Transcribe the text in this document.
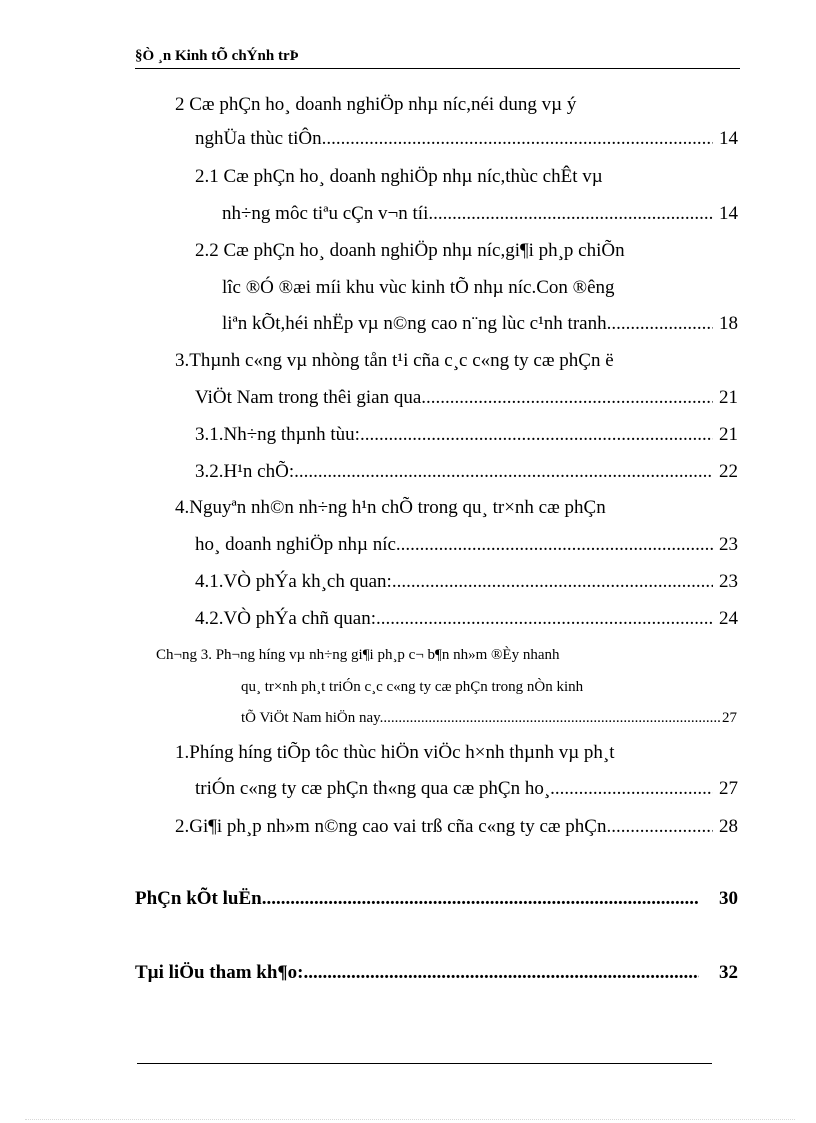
§Ò ¸n Kinh tÕ chÝnh trÞ
2 Cæ phÇn ho¸ doanh nghiÖp nhµ níc,néi dung vµ ý
nghÜa thùc tiÔn. .....	14
2.1 Cæ phÇn ho¸ doanh nghiÖp nhµ níc,thùc chÊt vµ
nh÷ng môc tiªu cÇn v¬n tíi. .....	14
2.2 Cæ phÇn ho¸ doanh nghiÖp nhµ níc,gi¶i ph¸p chiÕn
lîc ®Ó ®æi míi khu vùc kinh tÕ nhµ níc.Con ®êng
liªn kÕt,héi nhËp vµ n©ng cao n¨ng lùc c¹nh tranh. .....	18
3.Thµnh c«ng vµ nhòng tån t¹i cña c¸c c«ng ty cæ phÇn ë
ViÖt Nam trong thêi gian qua. .....	21
3.1.Nh÷ng thµnh tùu: .....	21
3.2.H¹n chÕ: .....	22
4.Nguyªn nh©n nh÷ng h¹n chÕ trong qu¸ tr×nh cæ phÇn
ho¸ doanh nghiÖp nhµ níc. .....	23
4.1.VÒ phÝa kh¸ch quan: .....	23
4.2.VÒ phÝa chñ quan: .....	24
Ch¬ng 3. Ph¬ng híng vµ nh÷ng gi¶i ph¸p c¬ b¶n nh»m ®Èy nhanh
qu¸ tr×nh ph¸t triÓn c¸c c«ng ty cæ phÇn trong nÒn kinh
tÕ ViÖt Nam hiÖn nay. .....	27
1.Phíng híng tiÕp tôc thùc hiÖn viÖc h×nh thµnh vµ ph¸t
triÓn c«ng ty cæ phÇn th«ng qua cæ phÇn ho¸. .....	27
2.Gi¶i ph¸p nh»m n©ng cao vai trß cña c«ng ty cæ phÇn. .....	28
PhÇn kÕt luËn .....	30
Tµi liÖu tham kh¶o: .....	32
